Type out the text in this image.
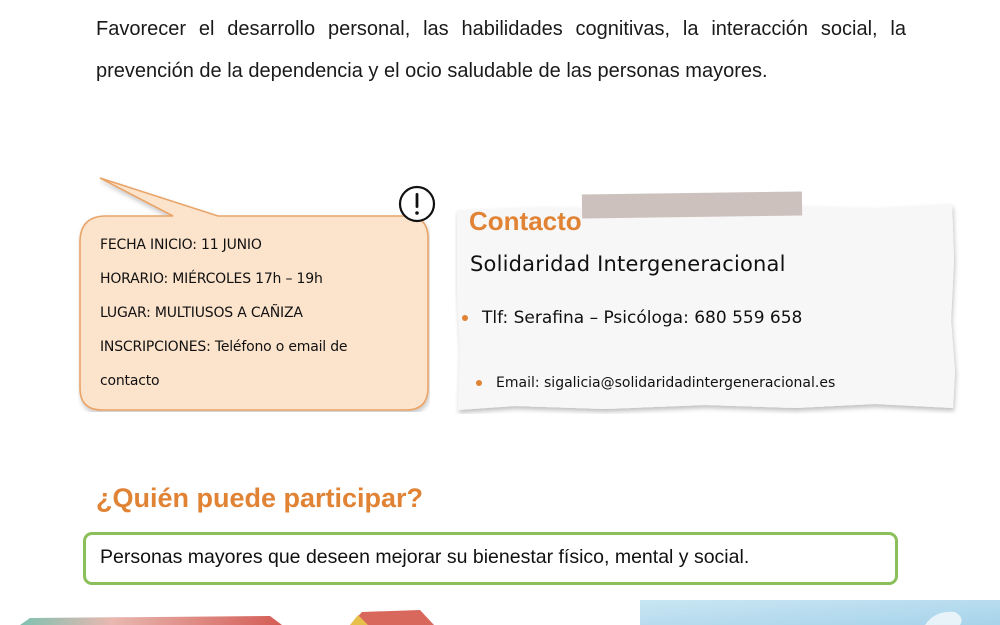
Favorecer el desarrollo personal, las habilidades cognitivas, la interacción social, la prevención de la dependencia y el ocio saludable de las personas mayores.

FECHA INICIO: 11 JUNIO
HORARIO: MIÉRCOLES 17h – 19h
LUGAR: MULTIUSOS A CAÑIZA
INSCRIPCIONES: Teléfono o email de
contacto
Contacto
Solidaridad Intergeneracional
Tlf: Serafina – Psicóloga: 680 559 658
Email: sigalicia@solidaridadintergeneracional.es
¿Quién puede participar?
Personas mayores que deseen mejorar su bienestar físico, mental y social.
